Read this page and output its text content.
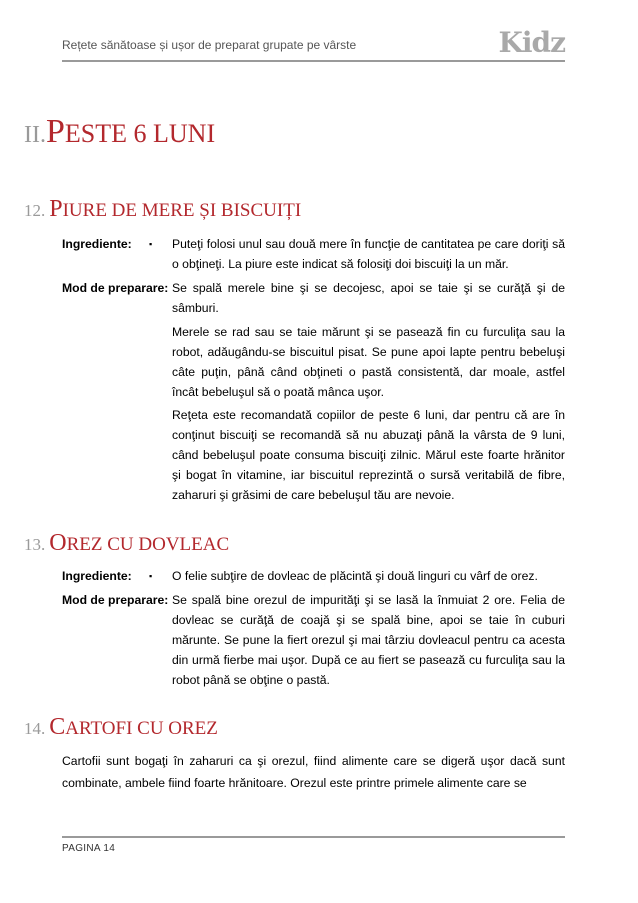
Rețete sănătoase și ușor de preparat grupate pe vârste	Kidz
II.PESTE 6 LUNI
12. PIURE DE MERE ȘI BISCUIȚI
Ingrediente:	▪ Puteţi folosi unul sau două mere în funcţie de cantitatea pe care doriţi să o obţineţi. La piure este indicat să folosiţi doi biscuiţi la un măr.
Mod de preparare: Se spală merele bine şi se decojesc, apoi se taie şi se curăţă şi de sâmburi.
Merele se rad sau se taie mărunt şi se pasează fin cu furculiţa sau la robot, adăugându-se biscuitul pisat. Se pune apoi lapte pentru bebeluşi câte puţin, până când obţineti o pastă consistentă, dar moale, astfel încât bebeluşul să o poată mânca uşor.
Reţeta este recomandată copiilor de peste 6 luni, dar pentru că are în conţinut biscuiţi se recomandă să nu abuzaţi până la vârsta de 9 luni, când bebeluşul poate consuma biscuiţi zilnic. Mărul este foarte hrănitor şi bogat în vitamine, iar biscuitul reprezintă o sursă veritabilă de fibre, zaharuri şi grăsimi de care bebeluşul tău are nevoie.
13. OREZ CU DOVLEAC
Ingrediente:	▪ O felie subţire de dovleac de plăcintă şi două linguri cu vârf de orez.
Mod de preparare: Se spală bine orezul de impurităţi şi se lasă la înmuiat 2 ore. Felia de dovleac se curăţă de coajă şi se spală bine, apoi se taie în cuburi mărunte. Se pune la fiert orezul şi mai târziu dovleacul pentru ca acesta din urmă fierbe mai uşor. După ce au fiert se pasează cu furculiţa sau la robot până se obţine o pastă.
14. CARTOFI CU OREZ
Cartofii sunt bogaţi în zaharuri ca şi orezul, fiind alimente care se digeră uşor dacă sunt combinate, ambele fiind foarte hrănitoare. Orezul este printre primele alimente care se
PAGINA 14
